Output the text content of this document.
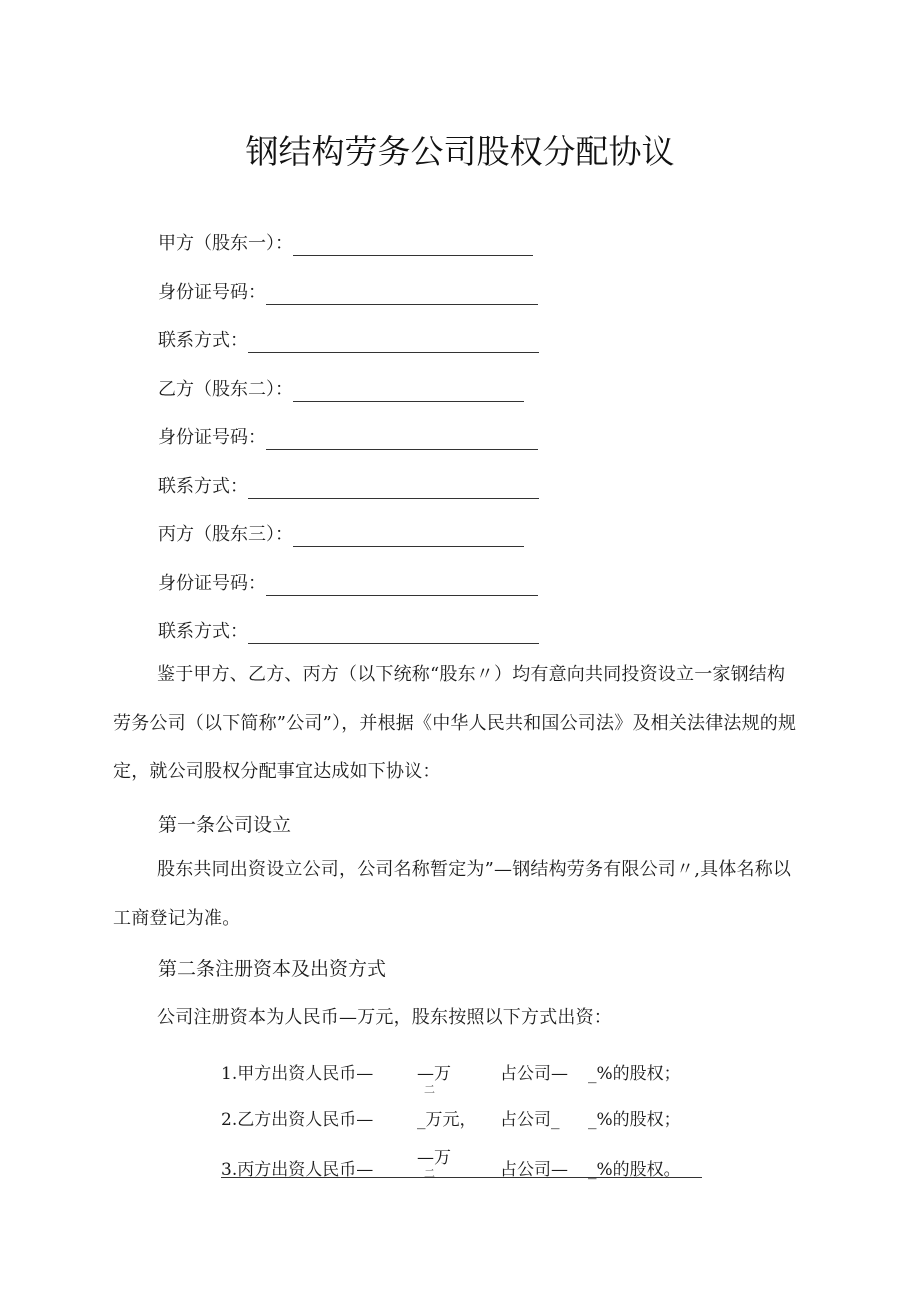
钢结构劳务公司股权分配协议
甲方（股东一）：
身份证号码：
联系方式：
乙方（股东二）：
身份证号码：
联系方式：
丙方（股东三）：
身份证号码：
联系方式：

鉴于甲方、乙方、丙方（以下统称“股东〃）均有意向共同投资设立一家钢结构劳务公司（以下简称”公司”），并根据《中华人民共和国公司法》及相关法律法规的规定，就公司股权分配事宜达成如下协议：

第一条公司设立

股东共同出资设立公司，公司名称暂定为”—钢结构劳务有限公司〃,具体名称以工商登记为准。

第二条注册资本及出资方式

公司注册资本为人民币—万元，股东按照以下方式出资：

1.甲方出资人民币—	—万
二
占公司— _%的股权；
2.乙方出资人民币—	_万元， 占公司_ _%的股权；
3.丙方出资人民币—
—万
二	占公司— _%的股权。
